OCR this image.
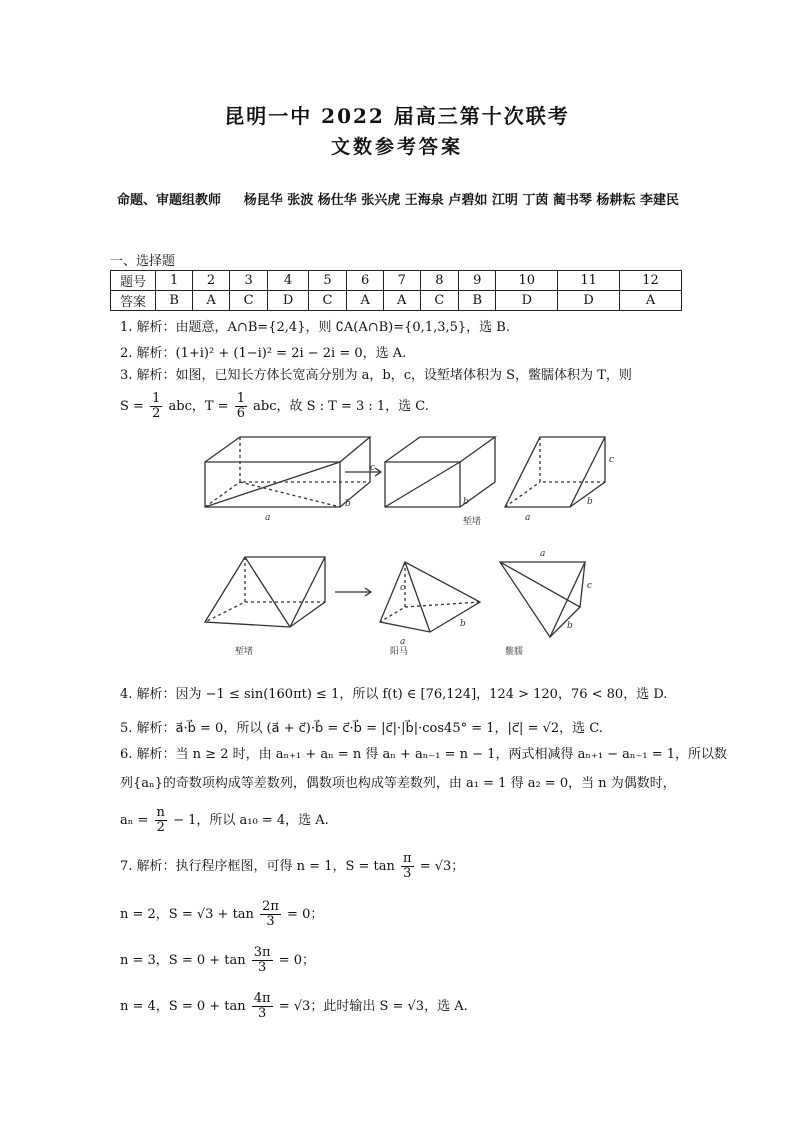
昆明一中 2022 届高三第十次联考
文数参考答案
命题、审题组教师 杨昆华 张波 杨仕华 张兴虎 王海泉 卢碧如 江明 丁茵 蔺书琴 杨耕耘 李建民
一、选择题
题号	1	2	3	4	5	6	7	8	9	10	11	12
答案	B	A	C	D	C	A	A	C	B	D	D	A
1. 解析：由题意，A∩B={2,4}，则 ∁A(A∩B)={0,1,3,5}，选 B.
2. 解析：(1+i)² + (1−i)² = 2i − 2i = 0，选 A.
3. 解析：如图，已知长方体长宽高分别为 a，b，c，设堑堵体积为 S，鳖臑体积为 T，则
$S = \frac{1}{2}$ abc，$T = \frac{1}{6}$ abc，故 S : T = 3 : 1，选 C.
c
b
a
b
c
b
a
c
b
a
a
c
b
堑堵
堑堵	阳马	鳖臑
4. 解析：因为 −1 ≤ sin(160πt) ≤ 1，所以 f(t) ∈ [76,124]，124 > 120，76 < 80，选 D.
5. 解析：a⃗·b⃗ = 0，所以 (a⃗ + c⃗)·b⃗ = c⃗·b⃗ = |c⃗|·|b⃗|·cos45° = 1，|c⃗| = √2，选 C.
6. 解析：当 n ≥ 2 时，由 aₙ₊₁ + aₙ = n 得 aₙ + aₙ₋₁ = n − 1，两式相减得 aₙ₊₁ − aₙ₋₁ = 1，所以数
列{aₙ}的奇数项构成等差数列，偶数项也构成等差数列，由 a₁ = 1 得 a₂ = 0，当 n 为偶数时，
$a_n = \frac{n}{2} - 1$，所以 a₁₀ = 4，选 A.
7. 解析：执行程序框图，可得 n = 1，$S = \tan \frac{\pi}{3} = √3$；
n = 2，$S = √3 + \tan \frac{2\pi}{3} = 0$；
n = 3，$S = 0 + \tan \frac{3\pi}{3} = 0$；
n = 4，$S = 0 + \tan \frac{4\pi}{3} = √3$；此时输出 S = √3，选 A.
